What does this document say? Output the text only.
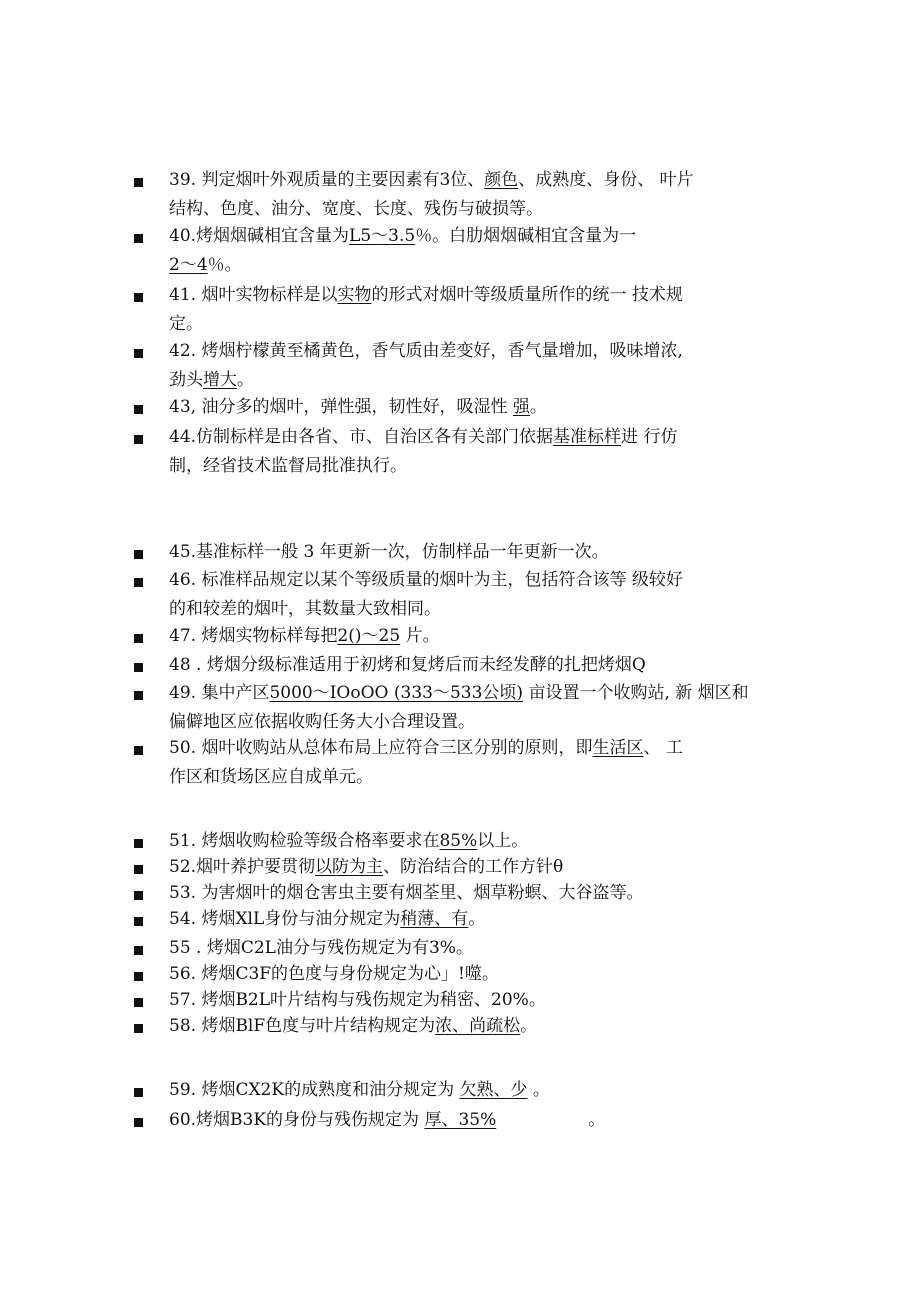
39. 判定烟叶外观质量的主要因素有3位、颜色、成熟度、身份、 叶片
结构、色度、油分、宽度、长度、残伤与破损等。
40.烤烟烟碱相宜含量为L5～3.5％。白肋烟烟碱相宜含量为一
2～4％。
41. 烟叶实物标样是以实物的形式对烟叶等级质量所作的统一 技术规
定。
42. 烤烟柠檬黄至橘黄色，香气质由差变好，香气量增加，吸味增浓,
劲头增大。
43, 油分多的烟叶，弹性强，韧性好，吸湿性 强。
44.仿制标样是由各省、市、自治区各有关部门依据基准标样进 行仿
制，经省技术监督局批准执行。
45.基准标样一般 3 年更新一次，仿制样品一年更新一次。
46. 标准样品规定以某个等级质量的烟叶为主，包括符合该等 级较好
的和较差的烟叶，其数量大致相同。
47. 烤烟实物标样每把2()～25 片。
48 . 烤烟分级标准适用于初烤和复烤后而未经发酵的扎把烤烟Q
49. 集中产区5000～IOoOO (333～533公顷) 亩设置一个收购站, 新 烟区和
偏僻地区应依据收购任务大小合理设置。
50. 烟叶收购站从总体布局上应符合三区分别的原则，即生活区、 工
作区和货场区应自成单元。
51. 烤烟收购检验等级合格率要求在85%以上。
52.烟叶养护要贯彻以防为主、防治结合的工作方针θ
53. 为害烟叶的烟仓害虫主要有烟荃里、烟草粉螟、大谷盗等。
54. 烤烟XlL身份与油分规定为稍薄、有。
55 . 烤烟C2L油分与残伤规定为有3%。
56. 烤烟C3F的色度与身份规定为心」!噬。
57. 烤烟B2L叶片结构与残伤规定为稍密、20%。
58. 烤烟BlF色度与叶片结构规定为浓、尚疏松。
59. 烤烟CX2K的成熟度和油分规定为 欠熟、少 。
60.烤烟B3K的身份与残伤规定为 厚、35%                 。
